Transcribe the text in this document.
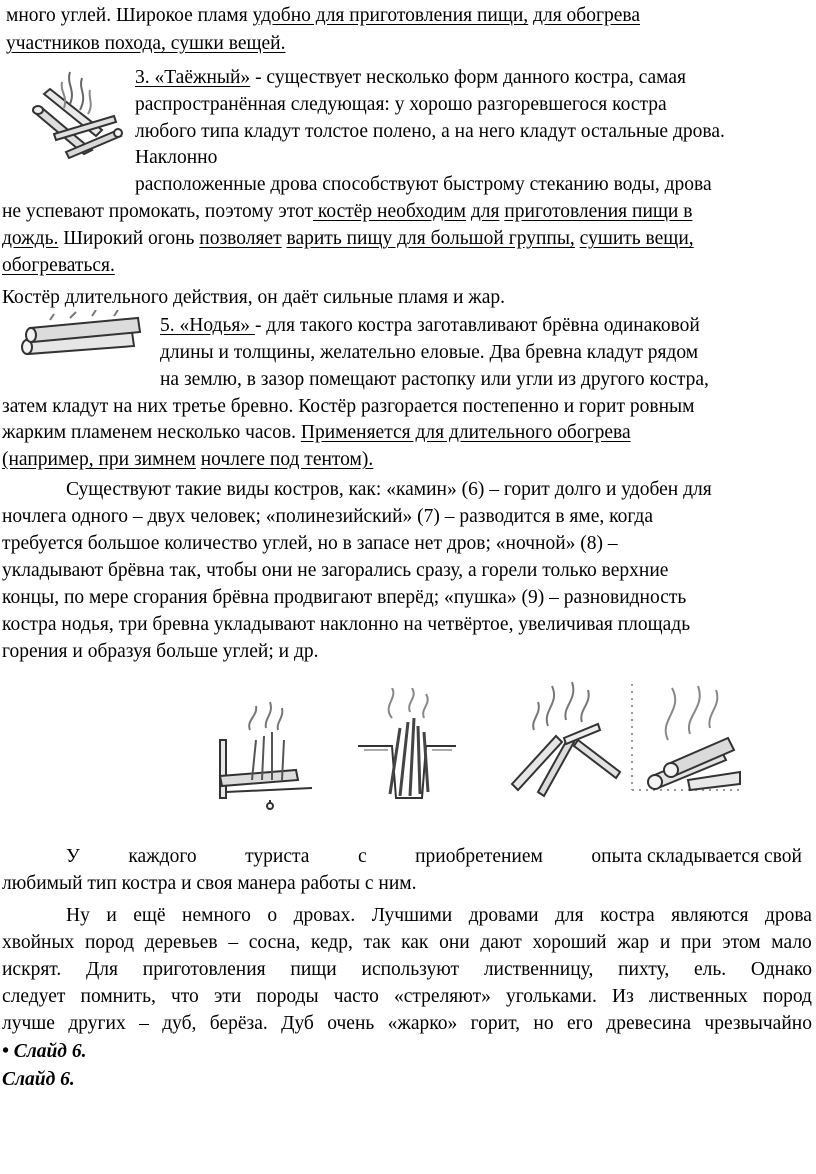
много углей. Широкое пламя удобно для приготовления пищи, для обогрева
участников похода, сушки вещей.
3. «Таёжный» - существует несколько форм данного костра, самая
распространённая следующая: у хорошо разгоревшегося костра
любого типа кладут толстое полено, а на него кладут остальные дрова.
Наклонно
расположенные дрова способствуют быстрому стеканию воды, дрова
не успевают промокать, поэтому этот костёр необходим для приготовления пищи в
дождь. Широкий огонь позволяет варить пищу для большой группы, сушить вещи,
обогреваться.
Костёр длительного действия, он даёт сильные пламя и жар.
5. «Нодья» - для такого костра заготавливают брёвна одинаковой
длины и толщины, желательно еловые. Два бревна кладут рядом
на землю, в зазор помещают растопку или угли из другого костра,
затем кладут на них третье бревно. Костёр разгорается постепенно и горит ровным
жарким пламенем несколько часов. Применяется для длительного обогрева
(например, при зимнем ночлеге под тентом).
Существуют такие виды костров, как: «камин» (6) – горит долго и удобен для
ночлега одного – двух человек; «полинезийский» (7) – разводится в яме, когда
требуется большое количество углей, но в запасе нет дров; «ночной» (8) –
укладывают брёвна так, чтобы они не загорались сразу, а горели только верхние
концы, по мере сгорания брёвна продвигают вперёд; «пушка» (9) – разновидность
костра нодья, три бревна укладывают наклонно на четвёртое, увеличивая площадь
горения и образуя больше углей; и др.
У каждого туриста с приобретением опыта складывается свой
любимый тип костра и своя манера работы с ним.
Ну и ещё немного о дровах. Лучшими дровами для костра являются дрова
хвойных пород деревьев – сосна, кедр, так как они дают хороший жар и при этом мало
искрят. Для приготовления пищи используют лиственницу, пихту, ель. Однако
следует помнить, что эти породы часто «стреляют» угольками. Из лиственных пород
лучше других – дуб, берёза. Дуб очень «жарко» горит, но его древесина чрезвычайно
• Слайд 6.
Слайд 6.
